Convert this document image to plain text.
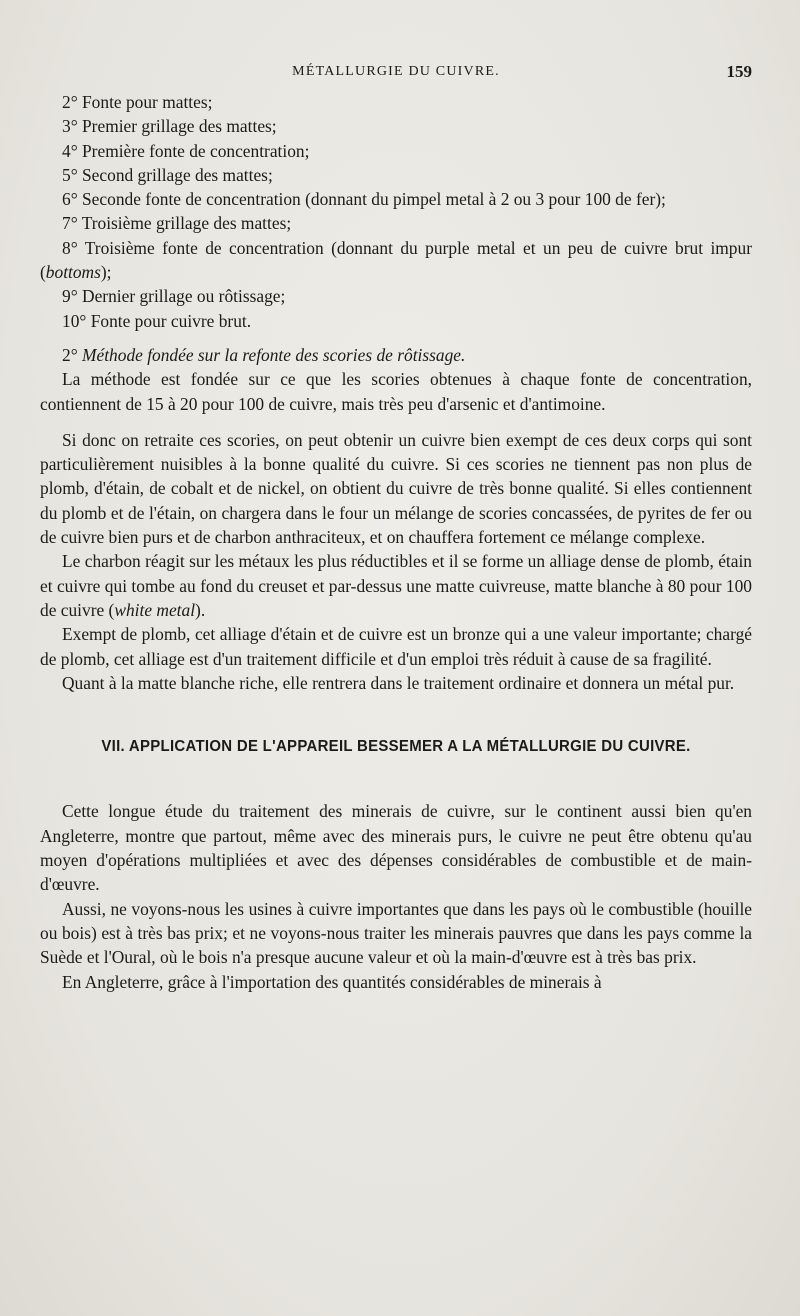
MÉTALLURGIE DU CUIVRE.	159

2° Fonte pour mattes;

3° Premier grillage des mattes;

4° Première fonte de concentration;

5° Second grillage des mattes;

6° Seconde fonte de concentration (donnant du pimpel metal à 2 ou 3 pour 100 de fer);

7° Troisième grillage des mattes;

8° Troisième fonte de concentration (donnant du purple metal et un peu de cuivre brut impur (bottoms);

9° Dernier grillage ou rôtissage;

10° Fonte pour cuivre brut.

2° Méthode fondée sur la refonte des scories de rôtissage.

La méthode est fondée sur ce que les scories obtenues à chaque fonte de concentration, contiennent de 15 à 20 pour 100 de cuivre, mais très peu d'arsenic et d'antimoine.

Si donc on retraite ces scories, on peut obtenir un cuivre bien exempt de ces deux corps qui sont particulièrement nuisibles à la bonne qualité du cuivre. Si ces scories ne tiennent pas non plus de plomb, d'étain, de cobalt et de nickel, on obtient du cuivre de très bonne qualité. Si elles contiennent du plomb et de l'étain, on chargera dans le four un mélange de scories concassées, de pyrites de fer ou de cuivre bien purs et de charbon anthraciteux, et on chauffera fortement ce mélange complexe.

Le charbon réagit sur les métaux les plus réductibles et il se forme un alliage dense de plomb, étain et cuivre qui tombe au fond du creuset et par-dessus une matte cuivreuse, matte blanche à 80 pour 100 de cuivre (white metal).

Exempt de plomb, cet alliage d'étain et de cuivre est un bronze qui a une valeur importante; chargé de plomb, cet alliage est d'un traitement difficile et d'un emploi très réduit à cause de sa fragilité.

Quant à la matte blanche riche, elle rentrera dans le traitement ordinaire et donnera un métal pur.

VII. APPLICATION DE L'APPAREIL BESSEMER A LA MÉTALLURGIE DU CUIVRE.

Cette longue étude du traitement des minerais de cuivre, sur le continent aussi bien qu'en Angleterre, montre que partout, même avec des minerais purs, le cuivre ne peut être obtenu qu'au moyen d'opérations multipliées et avec des dépenses considérables de combustible et de main-d'œuvre.

Aussi, ne voyons-nous les usines à cuivre importantes que dans les pays où le combustible (houille ou bois) est à très bas prix; et ne voyons-nous traiter les minerais pauvres que dans les pays comme la Suède et l'Oural, où le bois n'a presque aucune valeur et où la main-d'œuvre est à très bas prix.

En Angleterre, grâce à l'importation des quantités considérables de minerais à
